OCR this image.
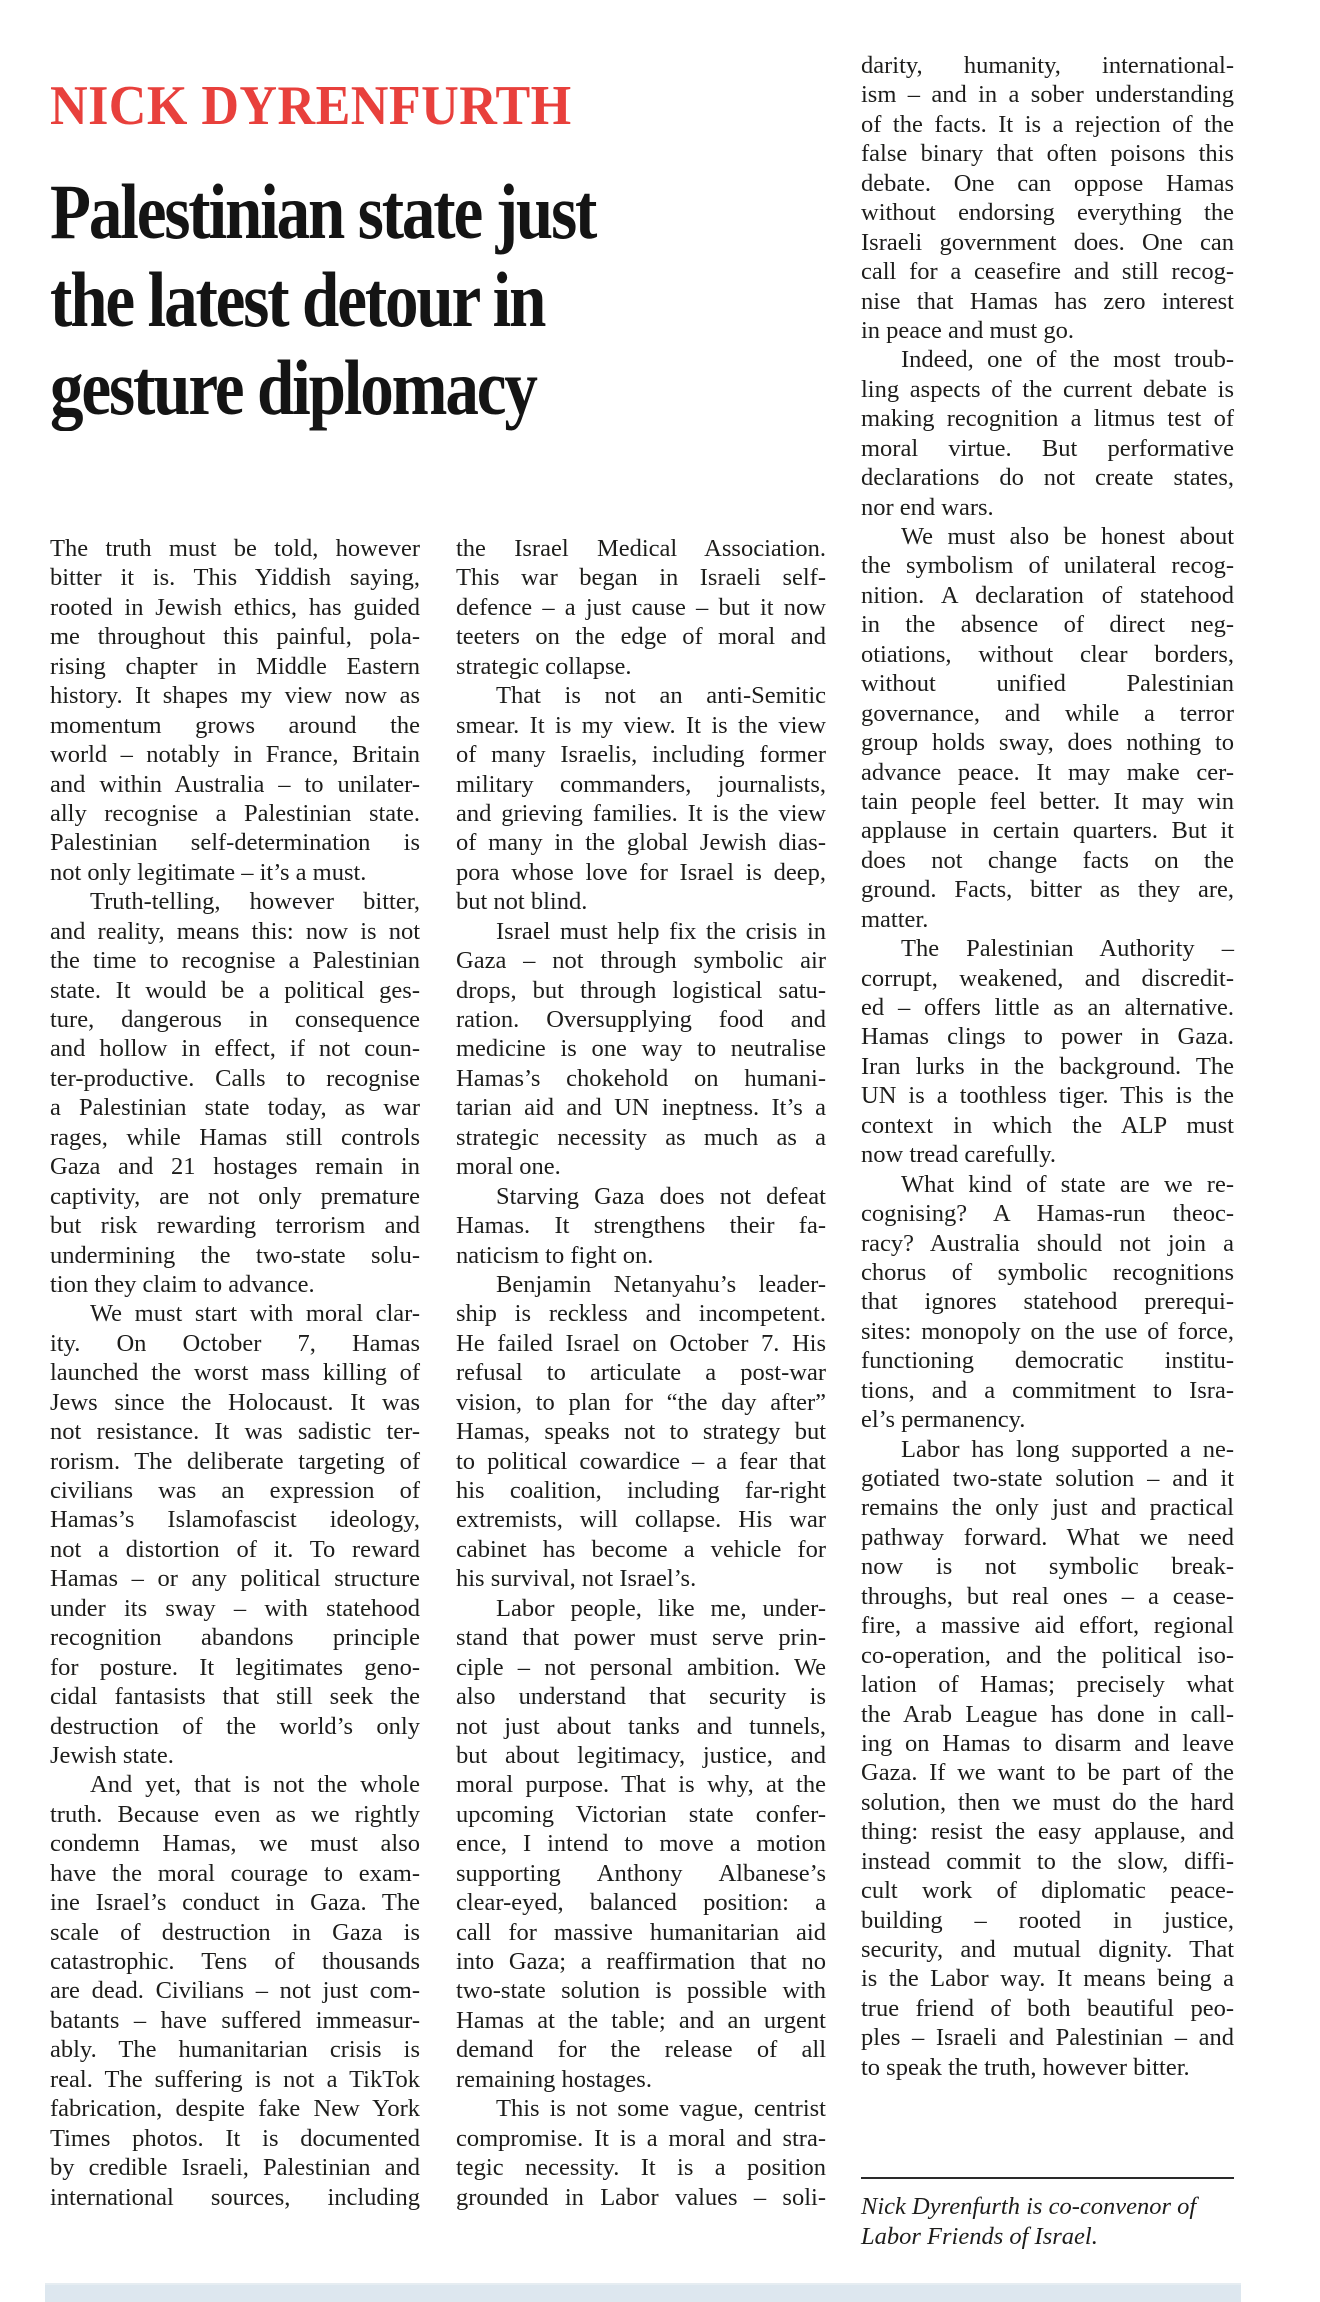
NICK DYRENFURTH
Palestinian state just
the latest detour in
gesture diplomacy
The truth must be told, however
bitter it is. This Yiddish saying,
rooted in Jewish ethics, has guided
me throughout this painful, pola-
rising chapter in Middle Eastern
history. It shapes my view now as
momentum grows around the
world – notably in France, Britain
and within Australia – to unilater-
ally recognise a Palestinian state.
Palestinian self-determination is
not only legitimate – it’s a must.
Truth-telling, however bitter,
and reality, means this: now is not
the time to recognise a Palestinian
state. It would be a political ges-
ture, dangerous in consequence
and hollow in effect, if not coun-
ter-productive. Calls to recognise
a Palestinian state today, as war
rages, while Hamas still controls
Gaza and 21 hostages remain in
captivity, are not only premature
but risk rewarding terrorism and
undermining the two-state solu-
tion they claim to advance.
We must start with moral clar-
ity. On October 7, Hamas
launched the worst mass killing of
Jews since the Holocaust. It was
not resistance. It was sadistic ter-
rorism. The deliberate targeting of
civilians was an expression of
Hamas’s Islamofascist ideology,
not a distortion of it. To reward
Hamas – or any political structure
under its sway – with statehood
recognition abandons principle
for posture. It legitimates geno-
cidal fantasists that still seek the
destruction of the world’s only
Jewish state.
And yet, that is not the whole
truth. Because even as we rightly
condemn Hamas, we must also
have the moral courage to exam-
ine Israel’s conduct in Gaza. The
scale of destruction in Gaza is
catastrophic. Tens of thousands
are dead. Civilians – not just com-
batants – have suffered immeasur-
ably. The humanitarian crisis is
real. The suffering is not a TikTok
fabrication, despite fake New York
Times photos. It is documented
by credible Israeli, Palestinian and
international sources, including
the Israel Medical Association.
This war began in Israeli self-
defence – a just cause – but it now
teeters on the edge of moral and
strategic collapse.
That is not an anti-Semitic
smear. It is my view. It is the view
of many Israelis, including former
military commanders, journalists,
and grieving families. It is the view
of many in the global Jewish dias-
pora whose love for Israel is deep,
but not blind.
Israel must help fix the crisis in
Gaza – not through symbolic air
drops, but through logistical satu-
ration. Oversupplying food and
medicine is one way to neutralise
Hamas’s chokehold on humani-
tarian aid and UN ineptness. It’s a
strategic necessity as much as a
moral one.
Starving Gaza does not defeat
Hamas. It strengthens their fa-
naticism to fight on.
Benjamin Netanyahu’s leader-
ship is reckless and incompetent.
He failed Israel on October 7. His
refusal to articulate a post-war
vision, to plan for “the day after”
Hamas, speaks not to strategy but
to political cowardice – a fear that
his coalition, including far-right
extremists, will collapse. His war
cabinet has become a vehicle for
his survival, not Israel’s.
Labor people, like me, under-
stand that power must serve prin-
ciple – not personal ambition. We
also understand that security is
not just about tanks and tunnels,
but about legitimacy, justice, and
moral purpose. That is why, at the
upcoming Victorian state confer-
ence, I intend to move a motion
supporting Anthony Albanese’s
clear-eyed, balanced position: a
call for massive humanitarian aid
into Gaza; a reaffirmation that no
two-state solution is possible with
Hamas at the table; and an urgent
demand for the release of all
remaining hostages.
This is not some vague, centrist
compromise. It is a moral and stra-
tegic necessity. It is a position
grounded in Labor values – soli-
darity, humanity, international-
ism – and in a sober understanding
of the facts. It is a rejection of the
false binary that often poisons this
debate. One can oppose Hamas
without endorsing everything the
Israeli government does. One can
call for a ceasefire and still recog-
nise that Hamas has zero interest
in peace and must go.
Indeed, one of the most troub-
ling aspects of the current debate is
making recognition a litmus test of
moral virtue. But performative
declarations do not create states,
nor end wars.
We must also be honest about
the symbolism of unilateral recog-
nition. A declaration of statehood
in the absence of direct neg-
otiations, without clear borders,
without unified Palestinian
governance, and while a terror
group holds sway, does nothing to
advance peace. It may make cer-
tain people feel better. It may win
applause in certain quarters. But it
does not change facts on the
ground. Facts, bitter as they are,
matter.
The Palestinian Authority –
corrupt, weakened, and discredit-
ed – offers little as an alternative.
Hamas clings to power in Gaza.
Iran lurks in the background. The
UN is a toothless tiger. This is the
context in which the ALP must
now tread carefully.
What kind of state are we re-
cognising? A Hamas-run theoc-
racy? Australia should not join a
chorus of symbolic recognitions
that ignores statehood prerequi-
sites: monopoly on the use of force,
functioning democratic institu-
tions, and a commitment to Isra-
el’s permanency.
Labor has long supported a ne-
gotiated two-state solution – and it
remains the only just and practical
pathway forward. What we need
now is not symbolic break-
throughs, but real ones – a cease-
fire, a massive aid effort, regional
co-operation, and the political iso-
lation of Hamas; precisely what
the Arab League has done in call-
ing on Hamas to disarm and leave
Gaza. If we want to be part of the
solution, then we must do the hard
thing: resist the easy applause, and
instead commit to the slow, diffi-
cult work of diplomatic peace-
building – rooted in justice,
security, and mutual dignity. That
is the Labor way. It means being a
true friend of both beautiful peo-
ples – Israeli and Palestinian – and
to speak the truth, however bitter.
Nick Dyrenfurth is co-convenor of
Labor Friends of Israel.
